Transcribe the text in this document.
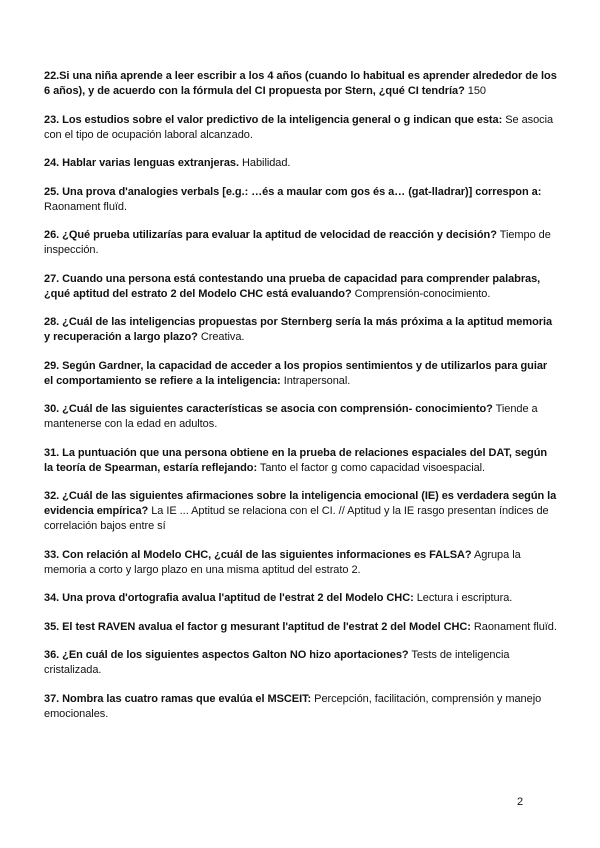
22.Si una niña aprende a leer escribir a los 4 años (cuando lo habitual es aprender alrededor de los 6 años), y de acuerdo con la fórmula del CI propuesta por Stern, ¿qué CI tendría? 150

23. Los estudios sobre el valor predictivo de la inteligencia general o g indican que esta: Se asocia con el tipo de ocupación laboral alcanzado.

24. Hablar varias lenguas extranjeras. Habilidad.

25. Una prova d'analogies verbals [e.g.: …és a maular com gos és a… (gat-lladrar)] correspon a: Raonament fluïd.

26. ¿Qué prueba utilizarías para evaluar la aptitud de velocidad de reacción y decisión? Tiempo de inspección.

27. Cuando una persona está contestando una prueba de capacidad para comprender palabras, ¿qué aptitud del estrato 2 del Modelo CHC está evaluando? Comprensión-conocimiento.

28. ¿Cuál de las inteligencias propuestas por Sternberg sería la más próxima a la aptitud memoria y recuperación a largo plazo? Creativa.

29. Según Gardner, la capacidad de acceder a los propios sentimientos y de utilizarlos para guiar el comportamiento se refiere a la inteligencia: Intrapersonal.

30. ¿Cuál de las siguientes características se asocia con comprensión- conocimiento? Tiende a mantenerse con la edad en adultos.

31. La puntuación que una persona obtiene en la prueba de relaciones espaciales del DAT, según la teoría de Spearman, estaría reflejando: Tanto el factor g como capacidad visoespacial.

32. ¿Cuál de las siguientes afirmaciones sobre la inteligencia emocional (IE) es verdadera según la evidencia empírica? La IE ... Aptitud se relaciona con el CI. // Aptitud y la IE rasgo presentan índices de correlación bajos entre sí

33. Con relación al Modelo CHC, ¿cuál de las siguientes informaciones es FALSA? Agrupa la memoria a corto y largo plazo en una misma aptitud del estrato 2.

34. Una prova d'ortografia avalua l'aptitud de l'estrat 2 del Modelo CHC: Lectura i escriptura.

35. El test RAVEN avalua el factor g mesurant l'aptitud de l'estrat 2 del Model CHC: Raonament fluïd.

36. ¿En cuál de los siguientes aspectos Galton NO hizo aportaciones? Tests de inteligencia cristalizada.

37. Nombra las cuatro ramas que evalúa el MSCEIT: Percepción, facilitación, comprensión y manejo emocionales.

2
